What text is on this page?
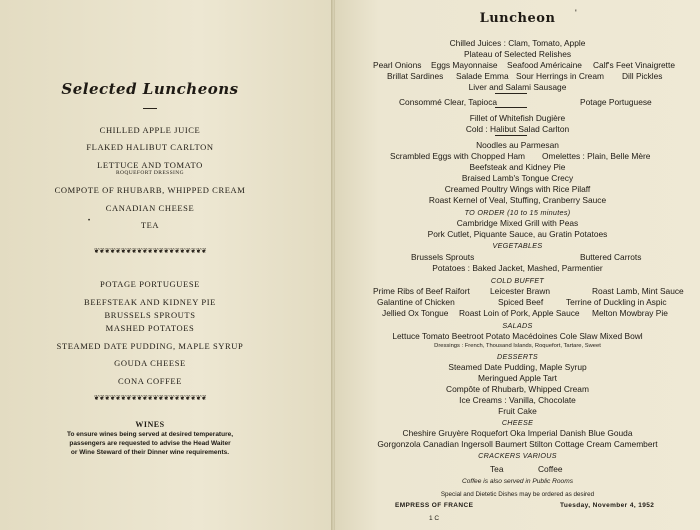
Selected Luncheons
CHILLED APPLE JUICE
FLAKED HALIBUT CARLTON
LETTUCE AND TOMATO
ROQUEFORT DRESSING
COMPOTE OF RHUBARB, WHIPPED CREAM
CANADIAN CHEESE
•	TEA
❦❦❦❦❦❦❦❦❦❦❦❦❦❦❦❦❦❦❦❦❦
POTAGE PORTUGUESE
BEEFSTEAK AND KIDNEY PIE
BRUSSELS SPROUTS
MASHED POTATOES
STEAMED DATE PUDDING, MAPLE SYRUP
GOUDA CHEESE
CONA COFFEE
❦❦❦❦❦❦❦❦❦❦❦❦❦❦❦❦❦❦❦❦❦
WINES
To ensure wines being served at desired temperature,
passengers are requested to advise the Head Waiter
or Wine Steward of their Dinner wine requirements.
Luncheon	'
Chilled Juices : Clam, Tomato, Apple
Plateau of Selected Relishes
Pearl Onions Eggs Mayonnaise Seafood Américaine Calf's Feet Vinaigrette
Brillat Sardines Salade Emma Sour Herrings in Cream Dill Pickles
Liver and Salami Sausage
Consommé Clear, Tapioca	Potage Portuguese
Fillet of Whitefish Dugière
Cold : Halibut Salad Carlton
Noodles au Parmesan
Scrambled Eggs with Chopped Ham Omelettes : Plain, Belle Mère
Beefsteak and Kidney Pie
Braised Lamb's Tongue Crecy
Creamed Poultry Wings with Rice Pilaff
Roast Kernel of Veal, Stuffing, Cranberry Sauce
TO ORDER (10 to 15 minutes)
Cambridge Mixed Grill with Peas
Pork Cutlet, Piquante Sauce, au Gratin Potatoes
VEGETABLES
Brussels Sprouts	Buttered Carrots
Potatoes : Baked Jacket, Mashed, Parmentier
COLD BUFFET
Prime Ribs of Beef Raifort Leicester Brawn	Roast Lamb, Mint Sauce
Galantine of Chicken	Spiced Beef	Terrine of Duckling in Aspic
Jellied Ox Tongue Roast Loin of Pork, Apple Sauce Melton Mowbray Pie
SALADS
Lettuce Tomato Beetroot Potato Macédoines Cole Slaw Mixed Bowl
Dressings : French, Thousand Islands, Roquefort, Tartare, Sweet
DESSERTS
Steamed Date Pudding, Maple Syrup
Meringued Apple Tart
Compôte of Rhubarb, Whipped Cream
Ice Creams : Vanilla, Chocolate
Fruit Cake
CHEESE
Cheshire Gruyère Roquefort Oka Imperial Danish Blue Gouda
Gorgonzola Canadian Ingersoll Baumert Stilton Cottage Cream Camembert
CRACKERS VARIOUS
Tea	Coffee
Coffee is also served in Public Rooms
Special and Dietetic Dishes may be ordered as desired
EMPRESS OF FRANCE	Tuesday, November 4, 1952
1 C
